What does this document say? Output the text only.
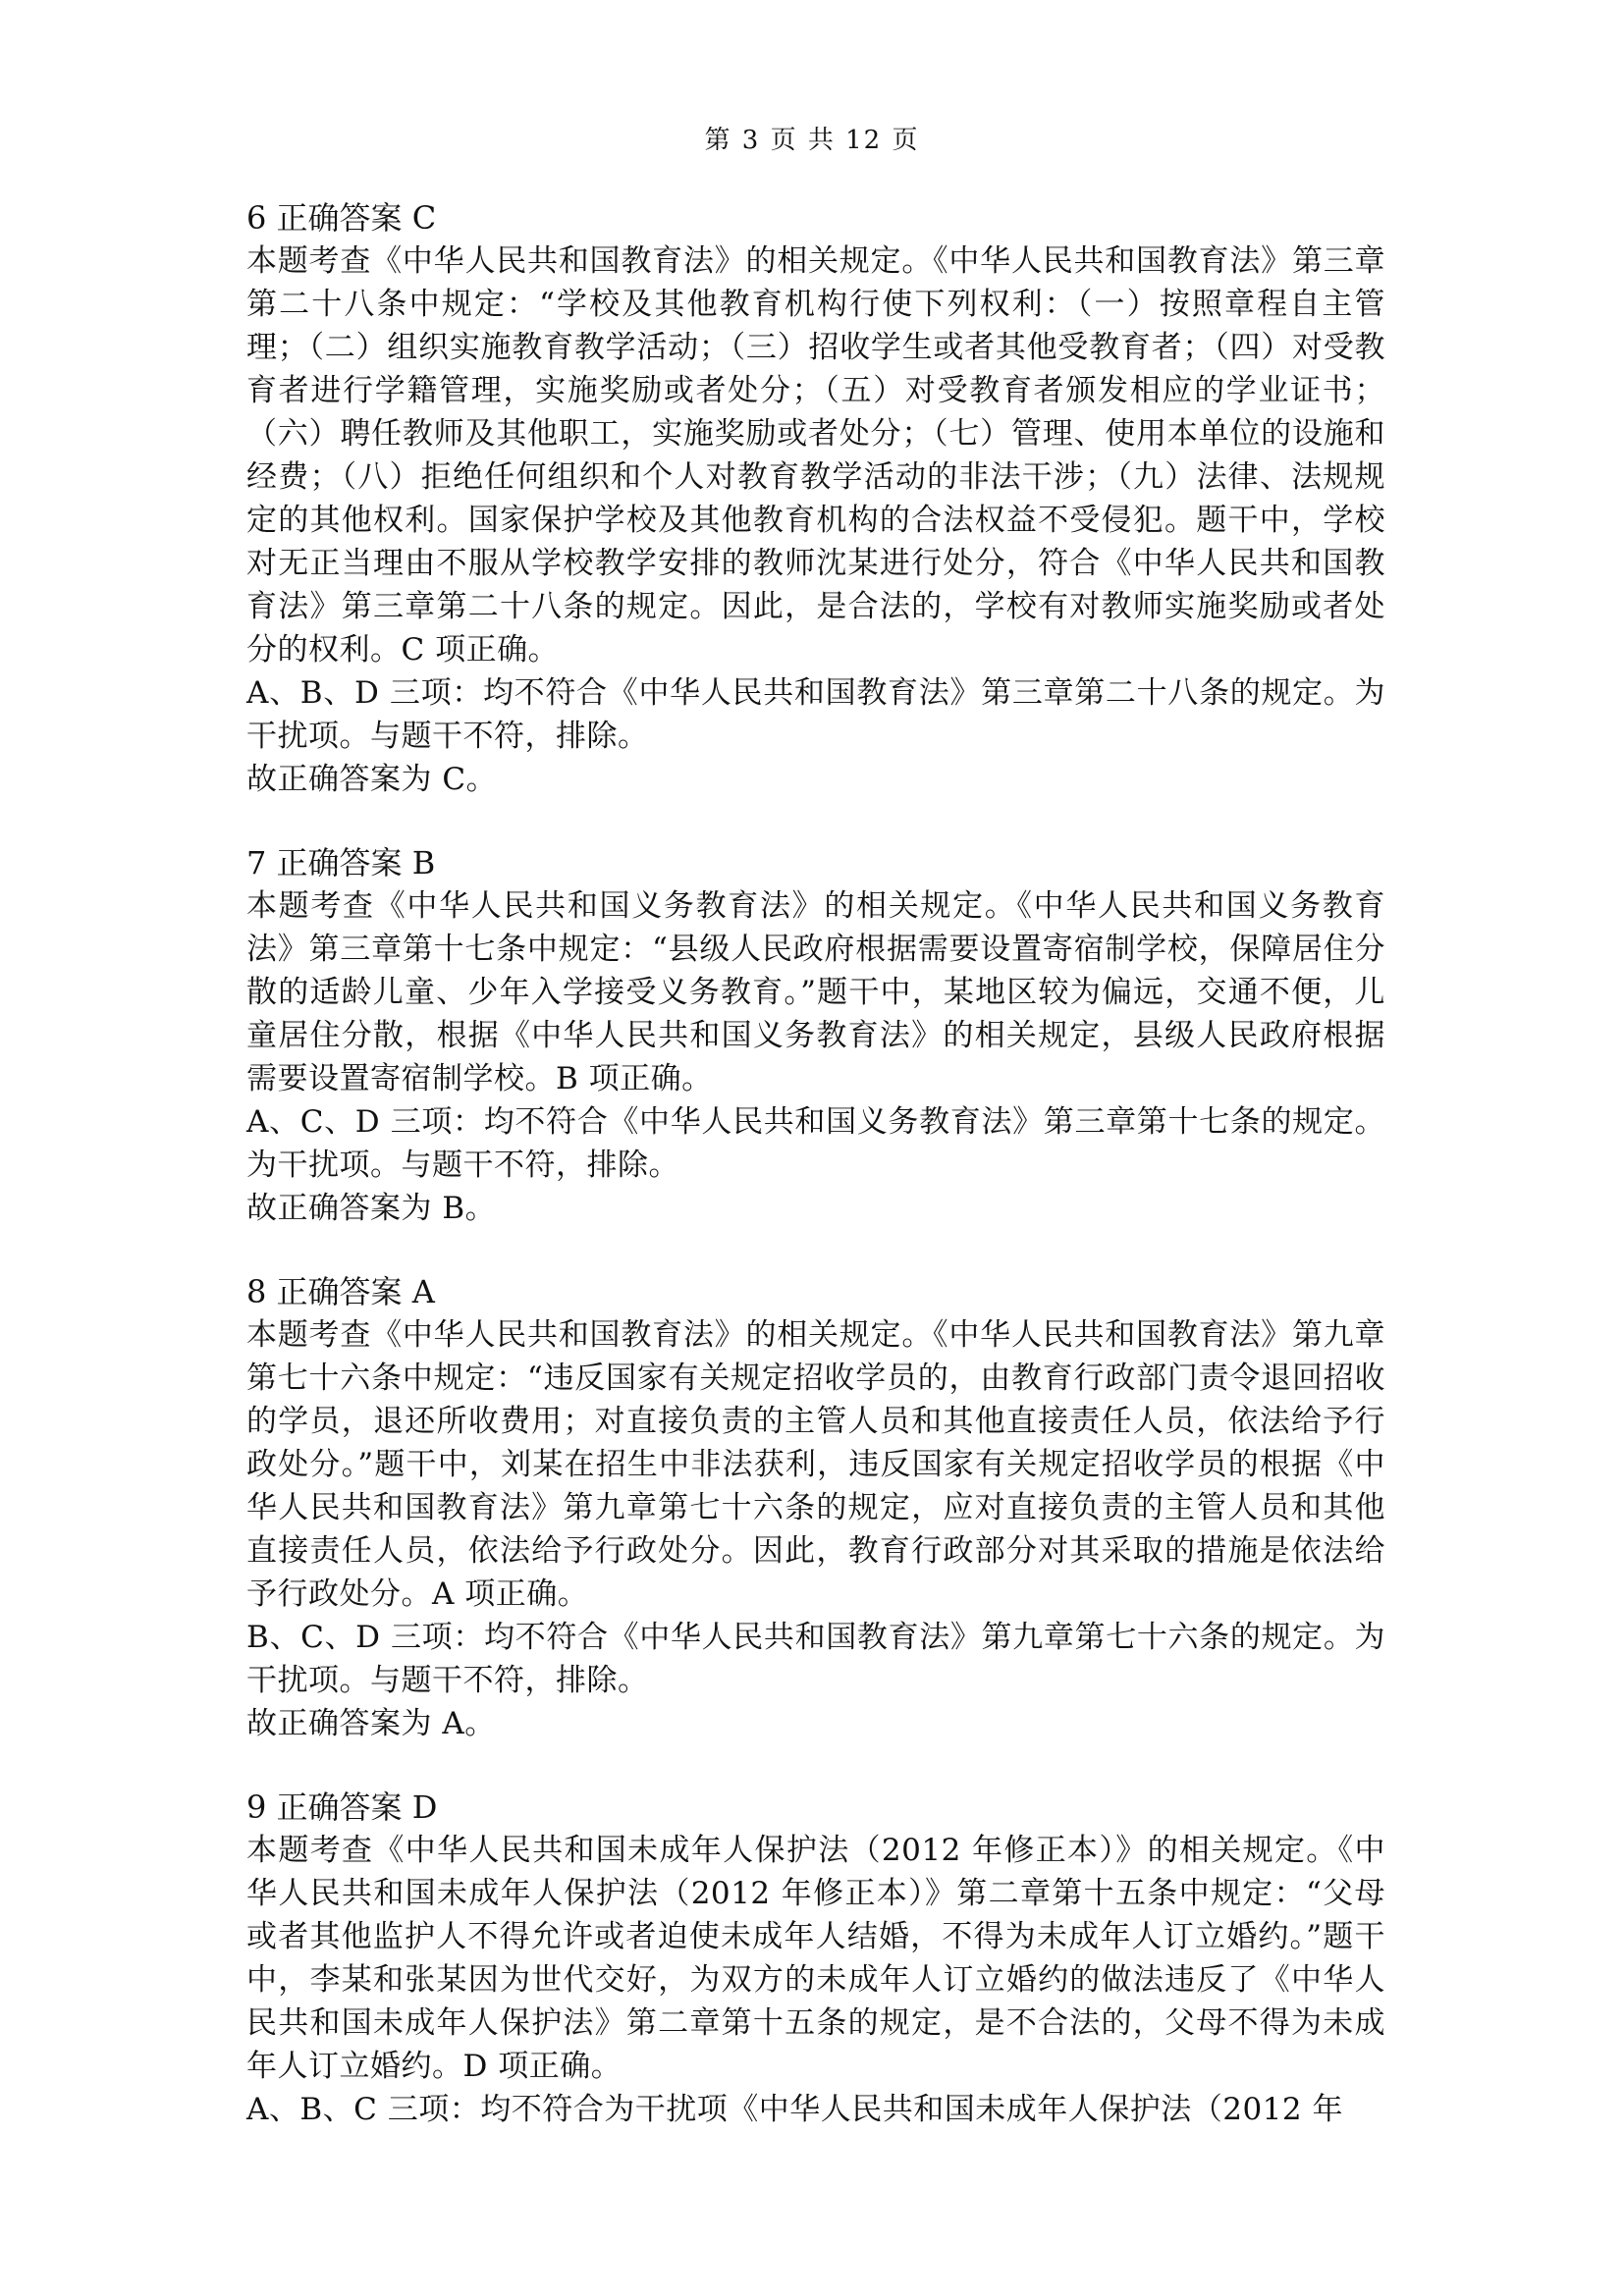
第 3 页 共 12 页

6 正确答案 C

本题考查《中华人民共和国教育法》的相关规定。《中华人民共和国教育法》第三章第二十八条中规定：“学校及其他教育机构行使下列权利：（一）按照章程自主管理；（二）组织实施教育教学活动；（三）招收学生或者其他受教育者；（四）对受教育者进行学籍管理，实施奖励或者处分；（五）对受教育者颁发相应的学业证书；（六）聘任教师及其他职工，实施奖励或者处分；（七）管理、使用本单位的设施和经费；（八）拒绝任何组织和个人对教育教学活动的非法干涉；（九）法律、法规规定的其他权利。国家保护学校及其他教育机构的合法权益不受侵犯。题干中，学校对无正当理由不服从学校教学安排的教师沈某进行处分，符合《中华人民共和国教育法》第三章第二十八条的规定。因此，是合法的，学校有对教师实施奖励或者处分的权利。C 项正确。

A、B、D 三项：均不符合《中华人民共和国教育法》第三章第二十八条的规定。为干扰项。与题干不符，排除。

故正确答案为 C。

7 正确答案 B

本题考查《中华人民共和国义务教育法》的相关规定。《中华人民共和国义务教育法》第三章第十七条中规定：“县级人民政府根据需要设置寄宿制学校，保障居住分散的适龄儿童、少年入学接受义务教育。”题干中，某地区较为偏远，交通不便，儿童居住分散，根据《中华人民共和国义务教育法》的相关规定，县级人民政府根据需要设置寄宿制学校。B 项正确。

A、C、D 三项：均不符合《中华人民共和国义务教育法》第三章第十七条的规定。为干扰项。与题干不符，排除。

故正确答案为 B。

8 正确答案 A

本题考查《中华人民共和国教育法》的相关规定。《中华人民共和国教育法》第九章第七十六条中规定：“违反国家有关规定招收学员的，由教育行政部门责令退回招收的学员，退还所收费用；对直接负责的主管人员和其他直接责任人员，依法给予行政处分。”题干中，刘某在招生中非法获利，违反国家有关规定招收学员的根据《中华人民共和国教育法》第九章第七十六条的规定，应对直接负责的主管人员和其他直接责任人员，依法给予行政处分。因此，教育行政部分对其采取的措施是依法给予行政处分。A 项正确。

B、C、D 三项：均不符合《中华人民共和国教育法》第九章第七十六条的规定。为干扰项。与题干不符，排除。

故正确答案为 A。

9 正确答案 D

本题考查《中华人民共和国未成年人保护法（2012 年修正本）》的相关规定。《中华人民共和国未成年人保护法（2012 年修正本）》第二章第十五条中规定：“父母或者其他监护人不得允许或者迫使未成年人结婚，不得为未成年人订立婚约。”题干中，李某和张某因为世代交好，为双方的未成年人订立婚约的做法违反了《中华人民共和国未成年人保护法》第二章第十五条的规定，是不合法的，父母不得为未成年人订立婚约。D 项正确。

A、B、C 三项：均不符合为干扰项《中华人民共和国未成年人保护法（2012 年
